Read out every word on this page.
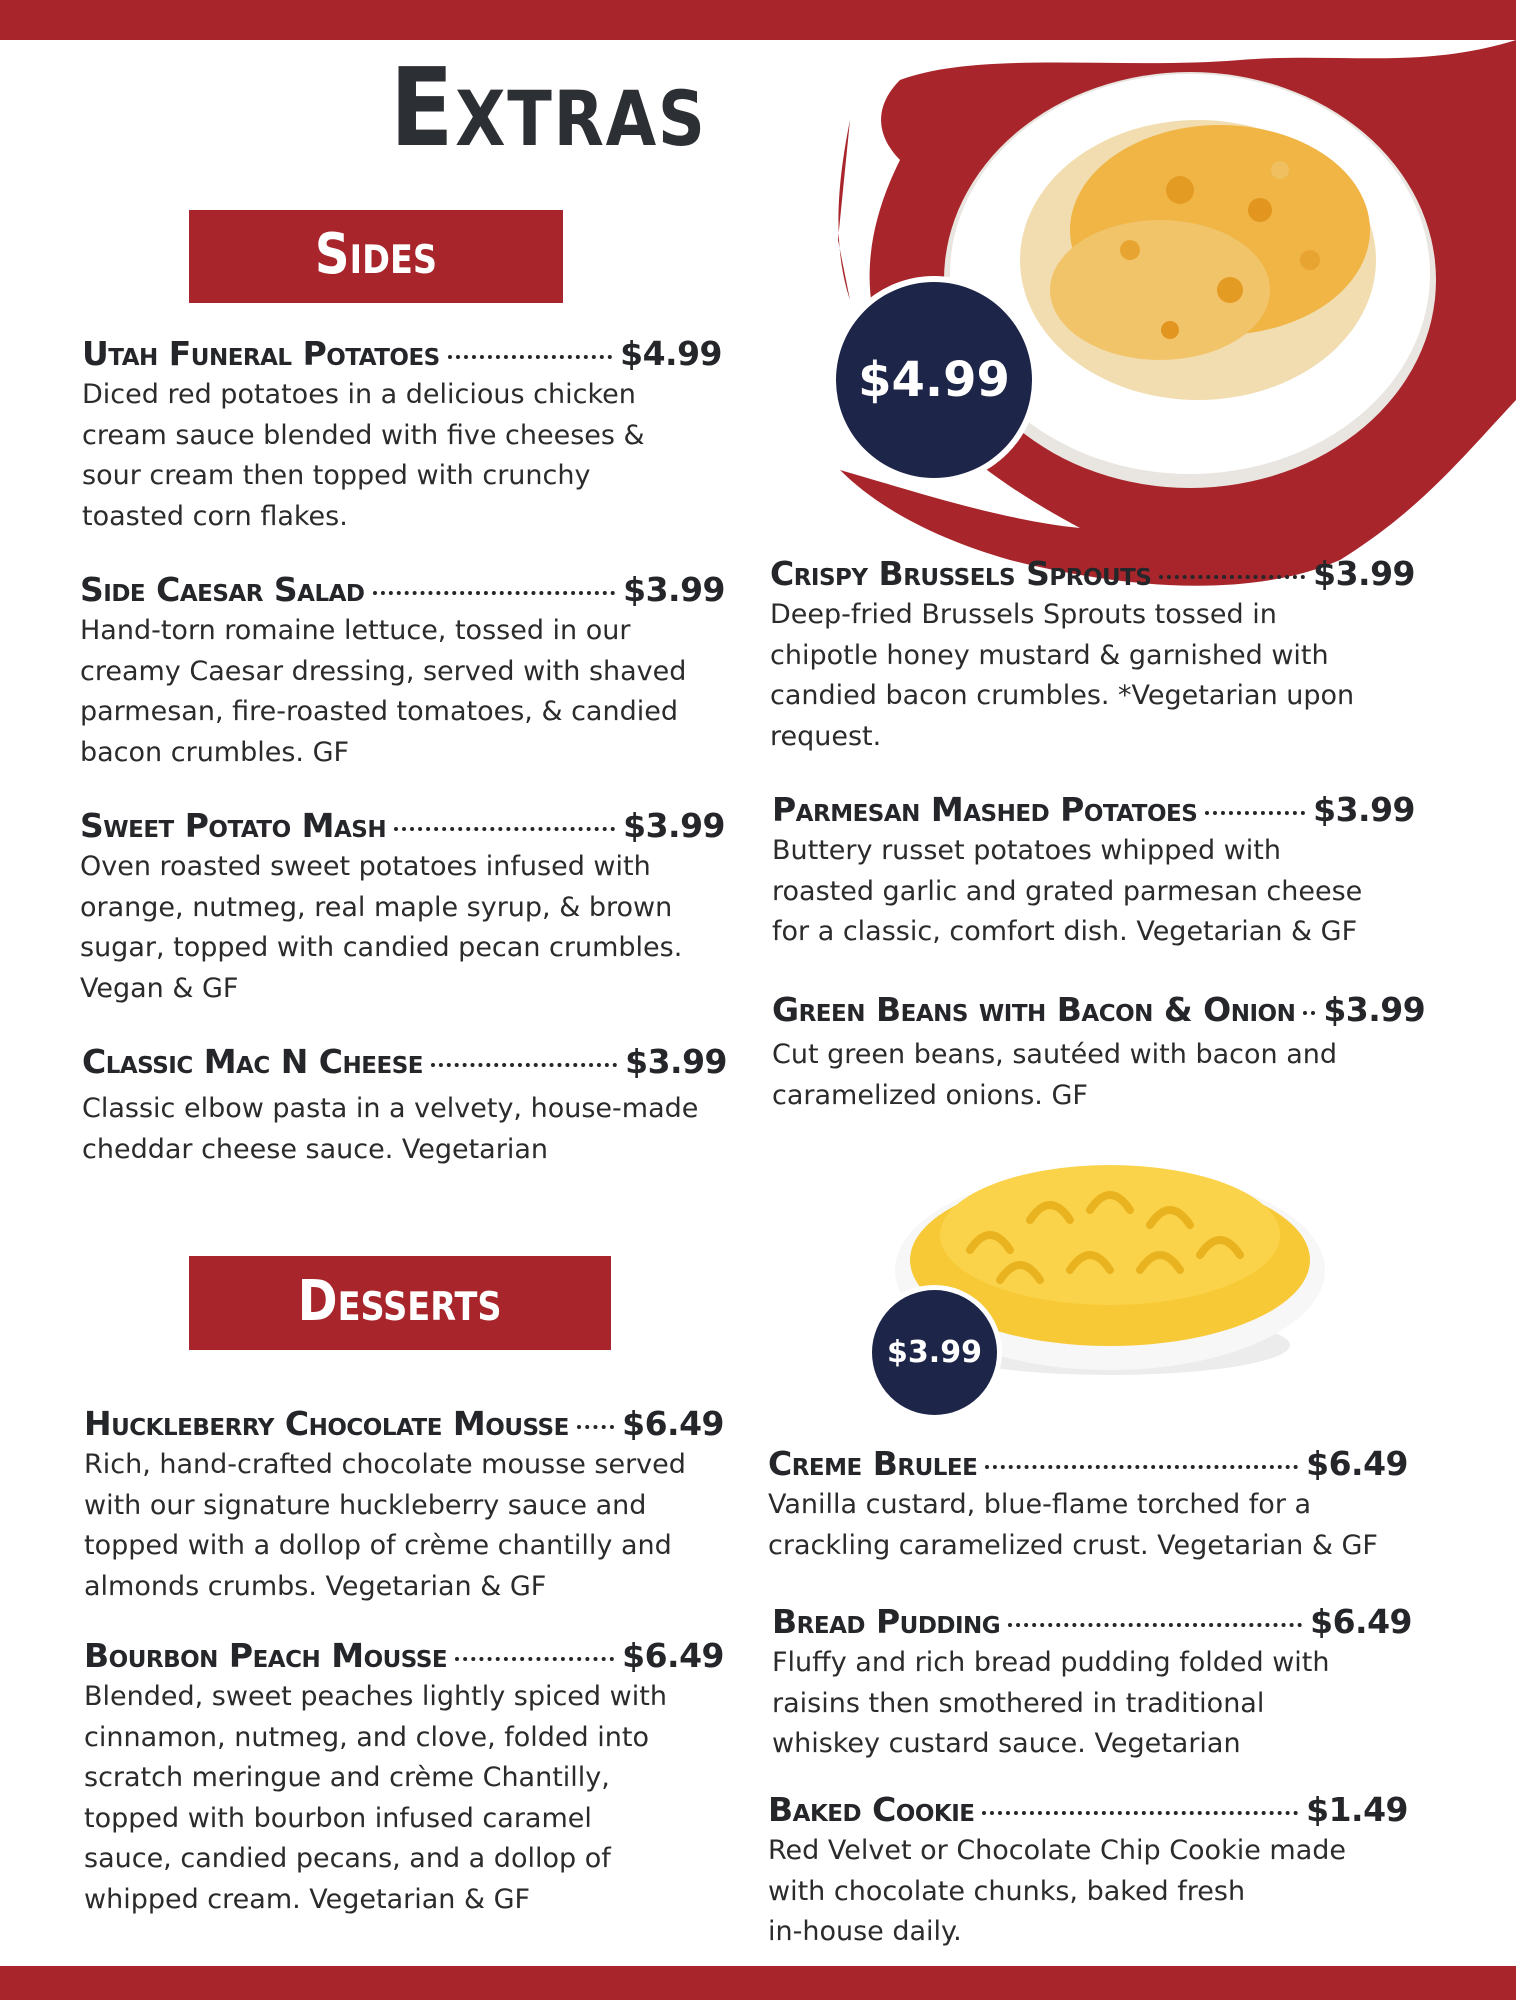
$4.99
Extras
Sides
Utah Funeral Potatoes	$4.99
Diced red potatoes in a delicious chicken
cream sauce blended with five cheeses &
sour cream then topped with crunchy
toasted corn flakes.
Side Caesar Salad	$3.99
Hand-torn romaine lettuce, tossed in our
creamy Caesar dressing, served with shaved
parmesan, fire-roasted tomatoes, & candied
bacon crumbles. GF
Sweet Potato Mash	$3.99
Oven roasted sweet potatoes infused with
orange, nutmeg, real maple syrup, & brown
sugar, topped with candied pecan crumbles.
Vegan & GF
Classic Mac N Cheese	$3.99
Classic elbow pasta in a velvety, house-made
cheddar cheese sauce. Vegetarian
Crispy Brussels Sprouts	$3.99
Deep-fried Brussels Sprouts tossed in
chipotle honey mustard & garnished with
candied bacon crumbles. *Vegetarian upon
request.
Parmesan Mashed Potatoes	$3.99
Buttery russet potatoes whipped with
roasted garlic and grated parmesan cheese
for a classic, comfort dish. Vegetarian & GF
Green Beans with Bacon & Onion $3.99
Cut green beans, sautéed with bacon and
caramelized onions. GF
$3.99
Desserts
Huckleberry Chocolate Mousse $6.49
Rich, hand-crafted chocolate mousse served
with our signature huckleberry sauce and
topped with a dollop of crème chantilly and
almonds crumbs. Vegetarian & GF
Bourbon Peach Mousse	$6.49
Blended, sweet peaches lightly spiced with
cinnamon, nutmeg, and clove, folded into
scratch meringue and crème Chantilly,
topped with bourbon infused caramel
sauce, candied pecans, and a dollop of
whipped cream. Vegetarian & GF
Creme Brulee	$6.49
Vanilla custard, blue-flame torched for a
crackling caramelized crust. Vegetarian & GF
Bread Pudding	$6.49
Fluffy and rich bread pudding folded with
raisins then smothered in traditional
whiskey custard sauce. Vegetarian
Baked Cookie	$1.49
Red Velvet or Chocolate Chip Cookie made
with chocolate chunks, baked fresh
in-house daily.
